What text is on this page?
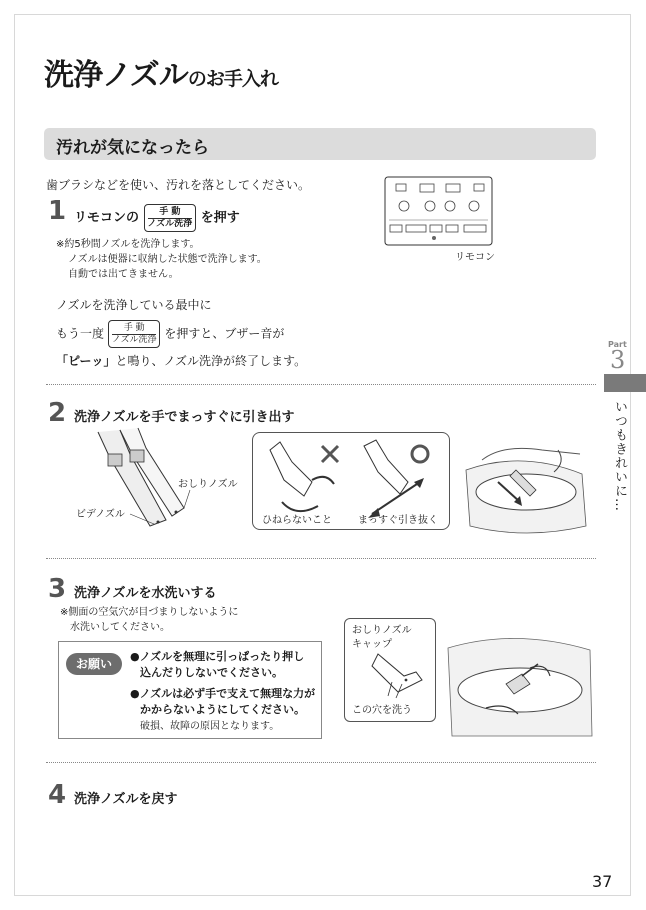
洗浄ノズルのお手入れ
汚れが気になったら
歯ブラシなどを使い、汚れを落としてください。
リモコン
1 リモコンの	手 動
ノズル洗浄 を押す
※約5秒間ノズルを洗浄します。
ノズルは便器に収納した状態で洗浄します。
自動では出てきません。
ノズルを洗浄している最中に
もう一度	手 動
ノズル洗浄 を押すと、ブザー音が
「ピーッ」と鳴り、ノズル洗浄が終了します。
Part
3
いつもきれいに…
2 洗浄ノズルを手でまっすぐに引き出す
おしりノズル
ビデノズル
ひねらないこと	まっすぐ引き抜く
3 洗浄ノズルを水洗いする
※側面の空気穴が目づまりしないように
水洗いしてください。
お願い
●ノズルを無理に引っぱったり押し
込んだりしないでください。
●ノズルは必ず手で支えて無理な力が
かからないようにしてください。
破損、故障の原因となります。
おしりノズル
キャップ
この穴を洗う
4 洗浄ノズルを戻す
37
